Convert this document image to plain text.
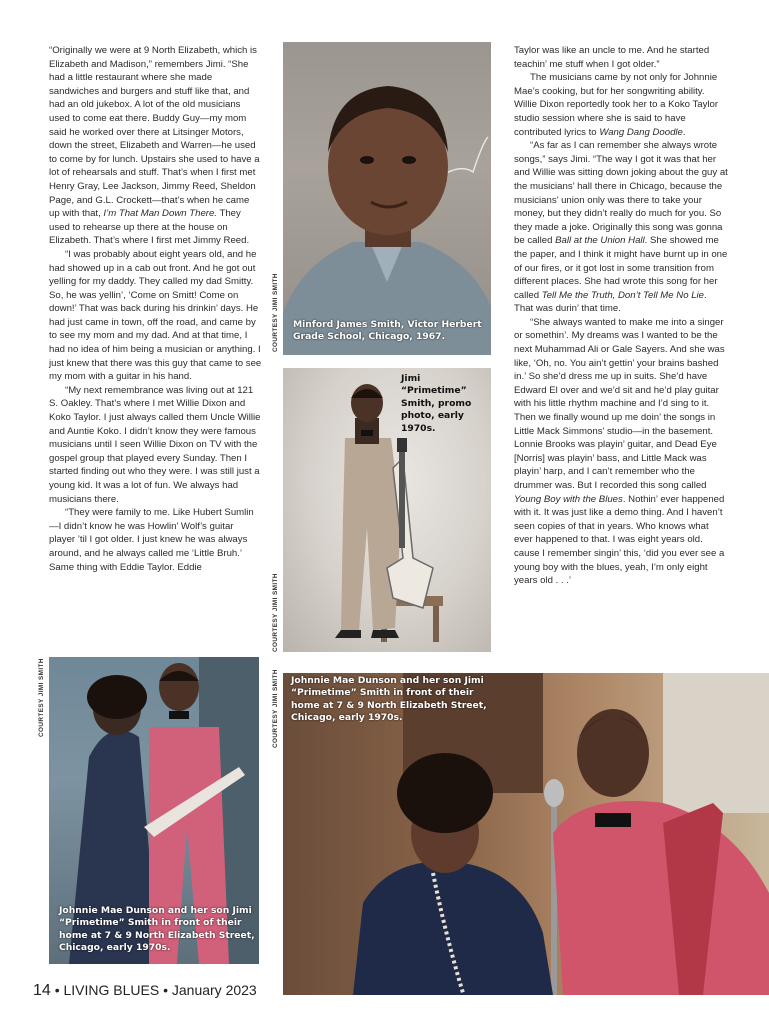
“Originally we were at 9 North Elizabeth, which is Elizabeth and Madison,” remembers Jimi. “She had a little restaurant where she made sandwiches and burgers and stuff like that, and had an old jukebox. A lot of the old musicians used to come eat there. Buddy Guy—my mom said he worked over there at Litsinger Motors, down the street, Elizabeth and Warren—he used to come by for lunch. Upstairs she used to have a lot of rehearsals and stuff. That’s when I first met Henry Gray, Lee Jackson, Jimmy Reed, Sheldon Page, and G.L. Crockett—that’s when he came up with that, I’m That Man Down There. They used to rehearse up there at the house on Elizabeth. That’s where I first met Jimmy Reed.

“I was probably about eight years old, and he had showed up in a cab out front. And he got out yelling for my daddy. They called my dad Smitty. So, he was yellin’, ‘Come on Smitt! Come on down!’ That was back during his drinkin’ days. He had just came in town, off the road, and came by to see my mom and my dad. And at that time, I had no idea of him being a musician or anything. I just knew that there was this guy that came to see my mom with a guitar in his hand.

“My next remembrance was living out at 121 S. Oakley. That’s where I met Willie Dixon and Koko Taylor. I just always called them Uncle Willie and Auntie Koko. I didn’t know they were famous musicians until I seen Willie Dixon on TV with the gospel group that played every Sunday. Then I started finding out who they were. I was still just a young kid. It was a lot of fun. We always had musicians there.

“They were family to me. Like Hubert Sumlin—I didn’t know he was Howlin’ Wolf’s guitar player ’til I got older. I just knew he was always around, and he always called me ‘Little Bruh.’ Same thing with Eddie Taylor. Eddie

Minford James Smith, Victor Herbert Grade School, Chicago, 1967.
COURTESY JIMI SMITH
Jimi “Primetime” Smith, promo photo, early 1970s.
COURTESY JIMI SMITH

Taylor was like an uncle to me. And he started teachin’ me stuff when I got older.”

The musicians came by not only for Johnnie Mae’s cooking, but for her songwriting ability. Willie Dixon reportedly took her to a Koko Taylor studio session where she is said to have contributed lyrics to Wang Dang Doodle.

“As far as I can remember she always wrote songs,” says Jimi. “The way I got it was that her and Willie was sitting down joking about the guy at the musicians’ hall there in Chicago, because the musicians’ union only was there to take your money, but they didn’t really do much for you. So they made a joke. Originally this song was gonna be called Ball at the Union Hall. She showed me the paper, and I think it might have burnt up in one of our fires, or it got lost in some transition from different places. She had wrote this song for her called Tell Me the Truth, Don’t Tell Me No Lie. That was durin’ that time.

“She always wanted to make me into a singer or somethin’. My dreams was I wanted to be the next Muhammad Ali or Gale Sayers. And she was like, ‘Oh, no. You ain’t gettin’ your brains bashed in.’ So she’d dress me up in suits. She’d have Edward El over and we’d sit and he’d play guitar with his little rhythm machine and I’d sing to it. Then we finally wound up me doin’ the songs in Little Mack Simmons’ studio—in the basement. Lonnie Brooks was playin’ guitar, and Dead Eye [Norris] was playin’ bass, and Little Mack was playin’ harp, and I can’t remember who the drummer was. But I recorded this song called Young Boy with the Blues. Nothin’ ever happened with it. It was just like a demo thing. And I haven’t seen copies of that in years. Who knows what ever happened to that. I was eight years old. cause I remember singin’ this, ‘did you ever see a young boy with the blues, yeah, I’m only eight years old . . .’

Johnnie Mae Dunson and her son Jimi “Primetime” Smith in front of their home at 7 & 9 North Elizabeth Street, Chicago, early 1970s.
COURTESY JIMI SMITH	Johnnie Mae Dunson and her son Jimi “Primetime” Smith in front of their home at 7 & 9 North Elizabeth Street, Chicago, early 1970s.
COURTESY JIMI SMITH
14 • LIVING BLUES • January 2023
